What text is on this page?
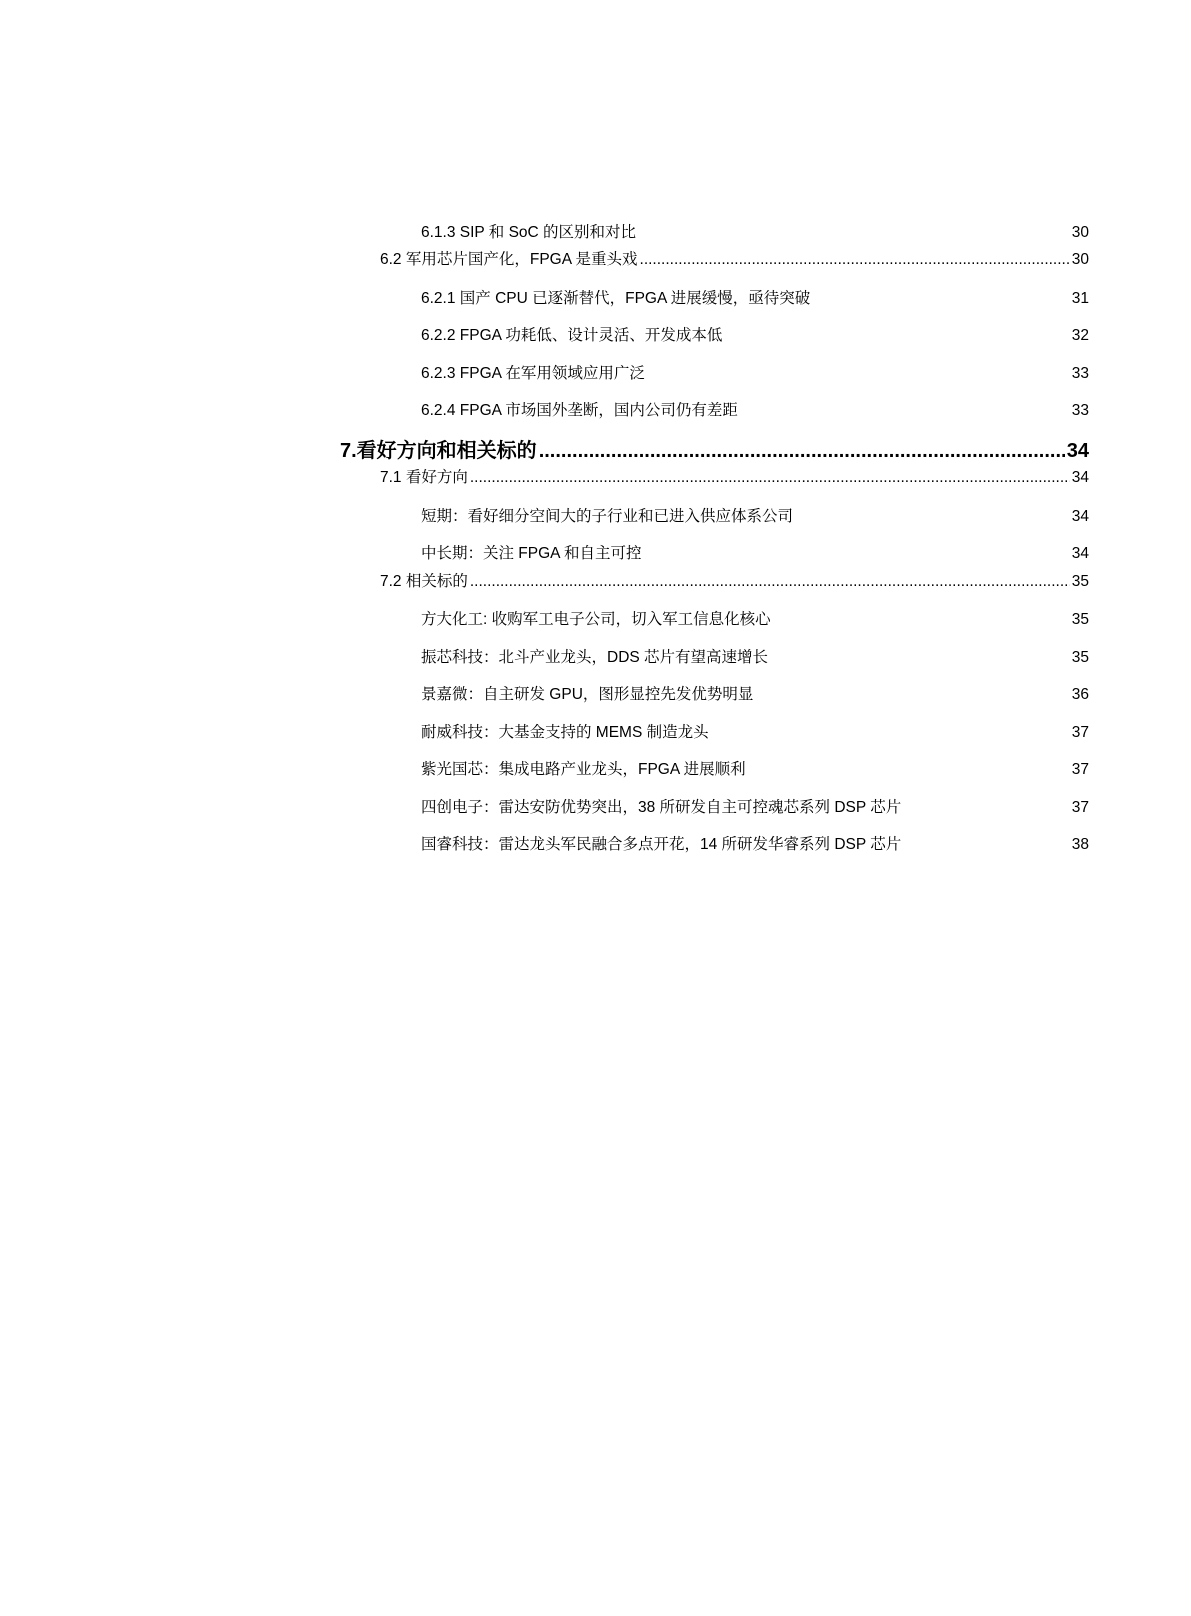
6.1.3 SIP 和 SoC 的区别和对比	30
6.2 军用芯片国产化，FPGA 是重头戏 .....	30
6.2.1 国产 CPU 已逐渐替代，FPGA 进展缓慢，亟待突破	31
6.2.2 FPGA 功耗低、设计灵活、开发成本低	32
6.2.3 FPGA 在军用领域应用广泛	33
6.2.4 FPGA 市场国外垄断，国内公司仍有差距	33
7.看好方向和相关标的 .....	34
7.1 看好方向 .....	34
短期：看好细分空间大的子行业和已进入供应体系公司	34
中长期：关注 FPGA 和自主可控	34
7.2 相关标的 .....	35
方大化工: 收购军工电子公司，切入军工信息化核心	35
振芯科技：北斗产业龙头，DDS 芯片有望高速增长	35
景嘉微：自主研发 GPU，图形显控先发优势明显	36
耐威科技：大基金支持的 MEMS 制造龙头	37
紫光国芯：集成电路产业龙头，FPGA 进展顺利	37
四创电子：雷达安防优势突出，38 所研发自主可控魂芯系列 DSP 芯片	37
国睿科技：雷达龙头军民融合多点开花，14 所研发华睿系列 DSP 芯片	38
